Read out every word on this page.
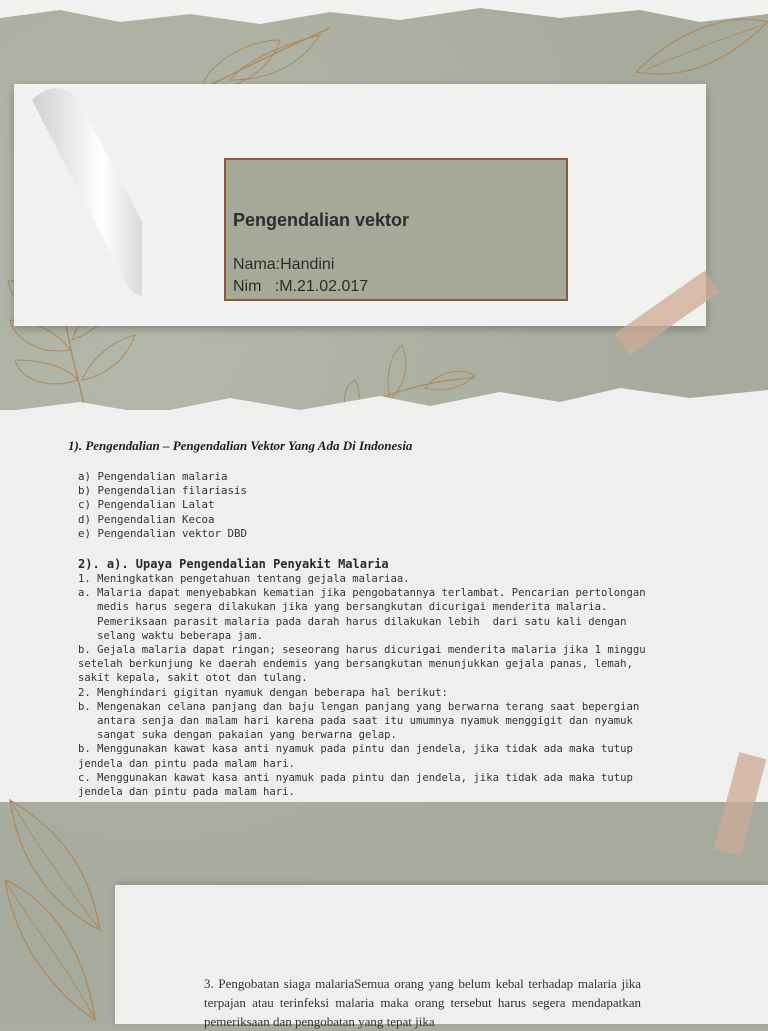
Pengendalian vektor
Nama:Handini
Nim   :M.21.02.017
1). Pengendalian – Pengendalian Vektor Yang Ada Di Indonesia
a) Pengendalian malaria
b) Pengendalian filariasis
c) Pengendalian Lalat
d) Pengendalian Kecoa
e) Pengendalian vektor DBD
2). a). Upaya Pengendalian Penyakit Malaria
1. Meningkatkan pengetahuan tentang gejala malariaa.
a. Malaria dapat menyebabkan kematian jika pengobatannya terlambat. Pencarian pertolongan
medis harus segera dilakukan jika yang bersangkutan dicurigai menderita malaria.
Pemeriksaan parasit malaria pada darah harus dilakukan lebih  dari satu kali dengan
selang waktu beberapa jam.
b. Gejala malaria dapat ringan; seseorang harus dicurigai menderita malaria jika 1 minggu
setelah berkunjung ke daerah endemis yang bersangkutan menunjukkan gejala panas, lemah,
sakit kepala, sakit otot dan tulang.
2. Menghindari gigitan nyamuk dengan beberapa hal berikut:
b. Mengenakan celana panjang dan baju lengan panjang yang berwarna terang saat bepergian
antara senja dan malam hari karena pada saat itu umumnya nyamuk menggigit dan nyamuk
sangat suka dengan pakaian yang berwarna gelap.
b. Menggunakan kawat kasa anti nyamuk pada pintu dan jendela, jika tidak ada maka tutup
jendela dan pintu pada malam hari.
c. Menggunakan kawat kasa anti nyamuk pada pintu dan jendela, jika tidak ada maka tutup
jendela dan pintu pada malam hari.
3. Pengobatan siaga malariaSemua orang yang belum kebal terhadap malaria jika terpajan atau terinfeksi malaria maka orang tersebut harus segera mendapatkan pemeriksaan dan pengobatan yang tepat jika
